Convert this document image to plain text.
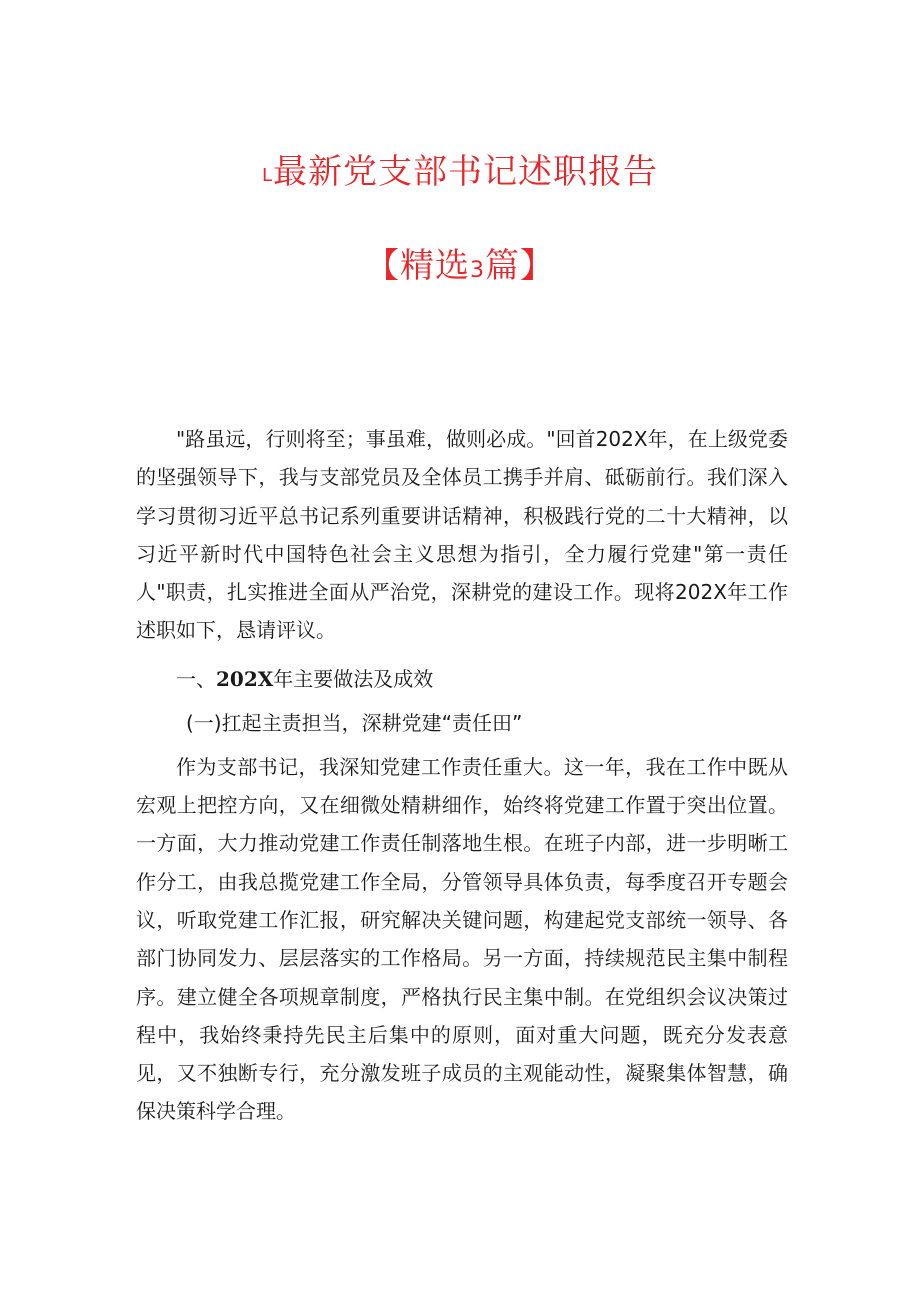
L最新党支部书记述职报告
【精选3篇】

"路虽远，行则将至；事虽难，做则必成。"回首202X年，在上级党委的坚强领导下，我与支部党员及全体员工携手并肩、砥砺前行。我们深入学习贯彻习近平总书记系列重要讲话精神，积极践行党的二十大精神，以习近平新时代中国特色社会主义思想为指引，全力履行党建"第一责任人"职责，扎实推进全面从严治党，深耕党的建设工作。现将202X年工作述职如下，恳请评议。

一、202X年主要做法及成效

(一)扛起主责担当，深耕党建“责任田”

作为支部书记，我深知党建工作责任重大。这一年，我在工作中既从宏观上把控方向，又在细微处精耕细作，始终将党建工作置于突出位置。一方面，大力推动党建工作责任制落地生根。在班子内部，进一步明晰工作分工，由我总揽党建工作全局，分管领导具体负责，每季度召开专题会议，听取党建工作汇报，研究解决关键问题，构建起党支部统一领导、各部门协同发力、层层落实的工作格局。另一方面，持续规范民主集中制程序。建立健全各项规章制度，严格执行民主集中制。在党组织会议决策过程中，我始终秉持先民主后集中的原则，面对重大问题，既充分发表意见，又不独断专行，充分激发班子成员的主观能动性，凝聚集体智慧，确保决策科学合理。
